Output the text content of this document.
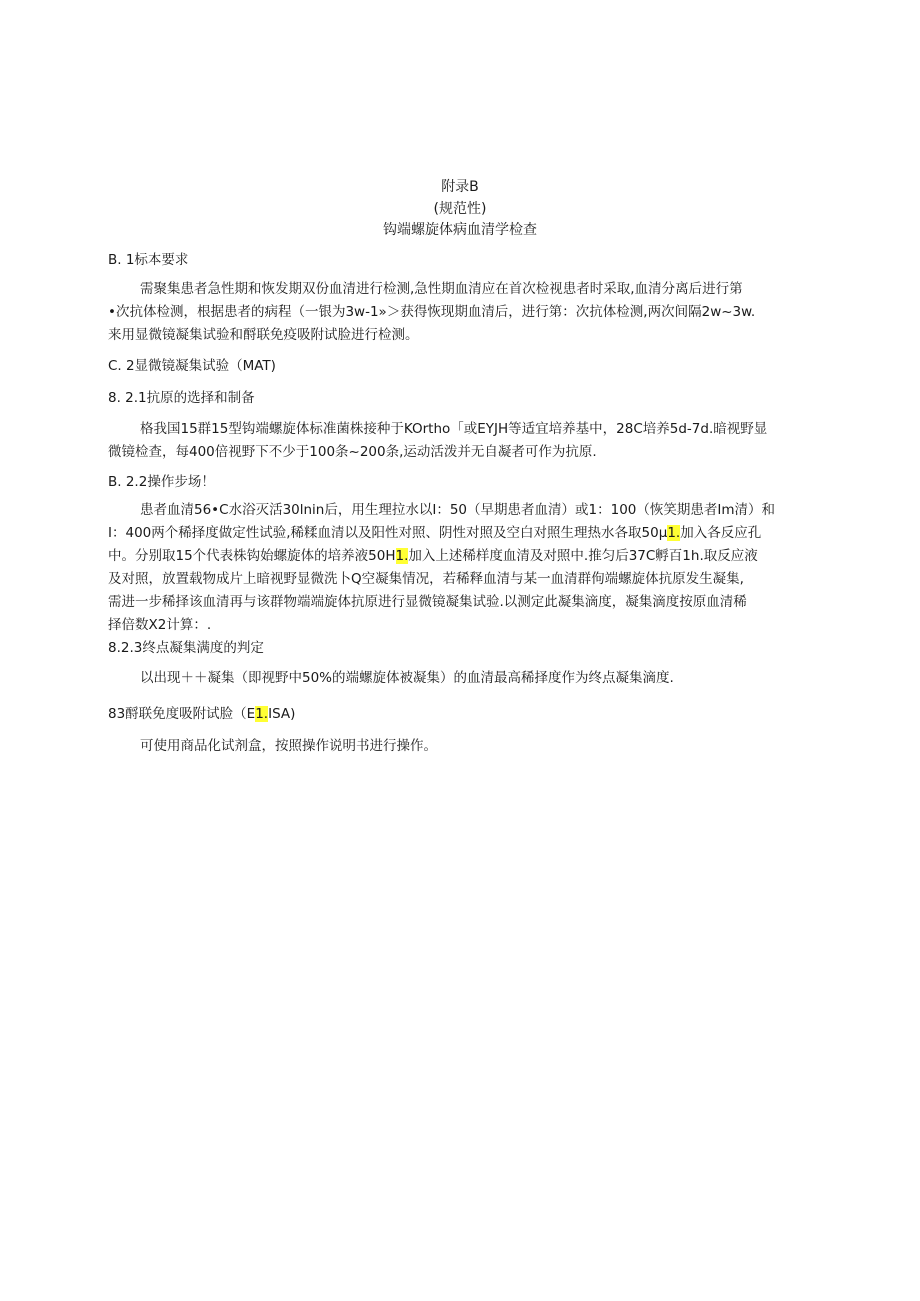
附录B
(规范性)
钩端螺旋体病血清学检查
B. 1标本要求
需聚集患者急性期和恢发期双份血清进行检测,急性期血清应在首次检视患者时采取,血清分离后进行第
•次抗体检测，根据患者的病程（一银为3w-1»＞获得恢现期血清后，进行第：次抗体检测,两次间隔2w~3w.
来用显微镜凝集试验和酹联免疫吸附试脸进行检测。
C. 2显微镜凝集试验（MAT)
8. 2.1抗原的选择和制备
格我国15群15型钩端螺旋体标准菌株接种于KOrtho「或EYJH等适宜培养基中，28C培养5d-7d.暗视野显
微镜检查，每400倍视野下不少于100条~200条,运动活泼并无自凝者可作为抗原.
B. 2.2操作步场！
患者血清56•C水浴灭活30lnin后，用生理拉水以I：50（早期患者血清）或1：100（恢笑期患者Im清）和
I：400两个稀择度做定性试验,稀糅血清以及阳性对照、阴性对照及空白对照生理热水各取50µ1.加入各反应孔
中。分别取15个代表株钩始螺旋体的培养液50H1.加入上述稀样度血清及对照中.推匀后37C孵百1h.取反应液
及对照，放置载物成片上暗视野显微洗卜Q空凝集情况，若稀释血清与某一血清群佝端螺旋体抗原发生凝集,
需进一步稀择该血清再与该群物端端旋体抗原进行显微镜凝集试验.以测定此凝集滴度，凝集滴度按原血清稀
择倍数X2计算：.
8.2.3终点凝集满度的判定
以出现＋＋凝集（即视野中50%的端螺旋体被凝集）的血清最高稀择度作为终点凝集滴度.
83酹联免度吸附试脸（E1.ISA)
可使用商品化试剂盒，按照操作说明书进行操作。
